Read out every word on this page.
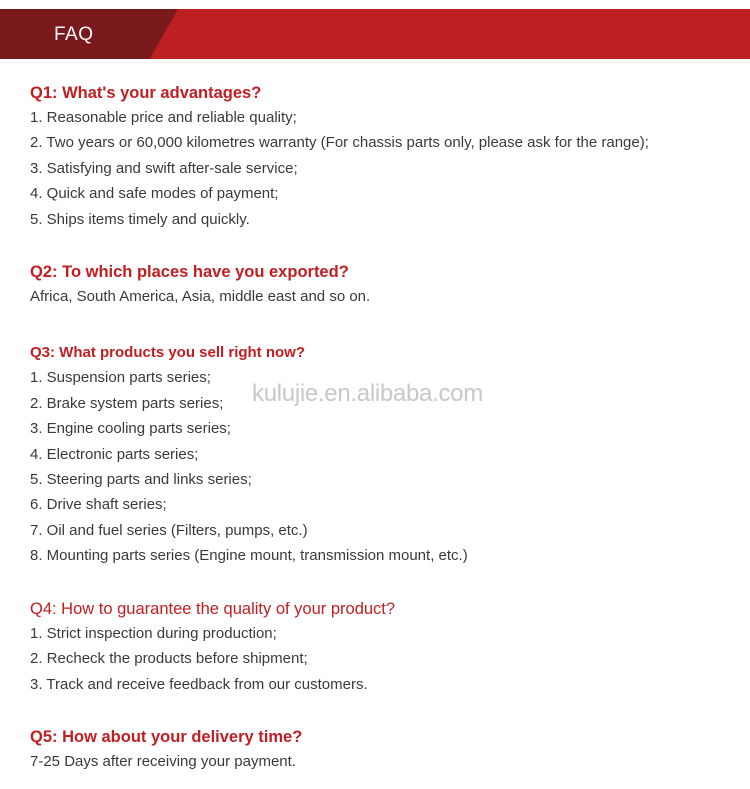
FAQ

Q1: What's your advantages?

1. Reasonable price and reliable quality;

2. Two years or 60,000 kilometres warranty (For chassis parts only, please ask for the range);

3. Satisfying and swift after-sale service;

4. Quick and safe modes of payment;

5. Ships items timely and quickly.

Q2: To which places have you exported?

Africa, South America, Asia, middle east and so on.

Q3: What products you sell right now?

1. Suspension parts series;

2. Brake system parts series;

3. Engine cooling parts series;

4. Electronic parts series;

5. Steering parts and links series;

6. Drive shaft series;

7. Oil and fuel series (Filters, pumps, etc.)

8. Mounting parts series (Engine mount, transmission mount, etc.)

Q4: How to guarantee the quality of your product?

1. Strict inspection during production;

2. Recheck the products before shipment;

3. Track and receive feedback from our customers.

Q5: How about your delivery time?

7-25 Days after receiving your payment.

kulujie.en.alibaba.com
